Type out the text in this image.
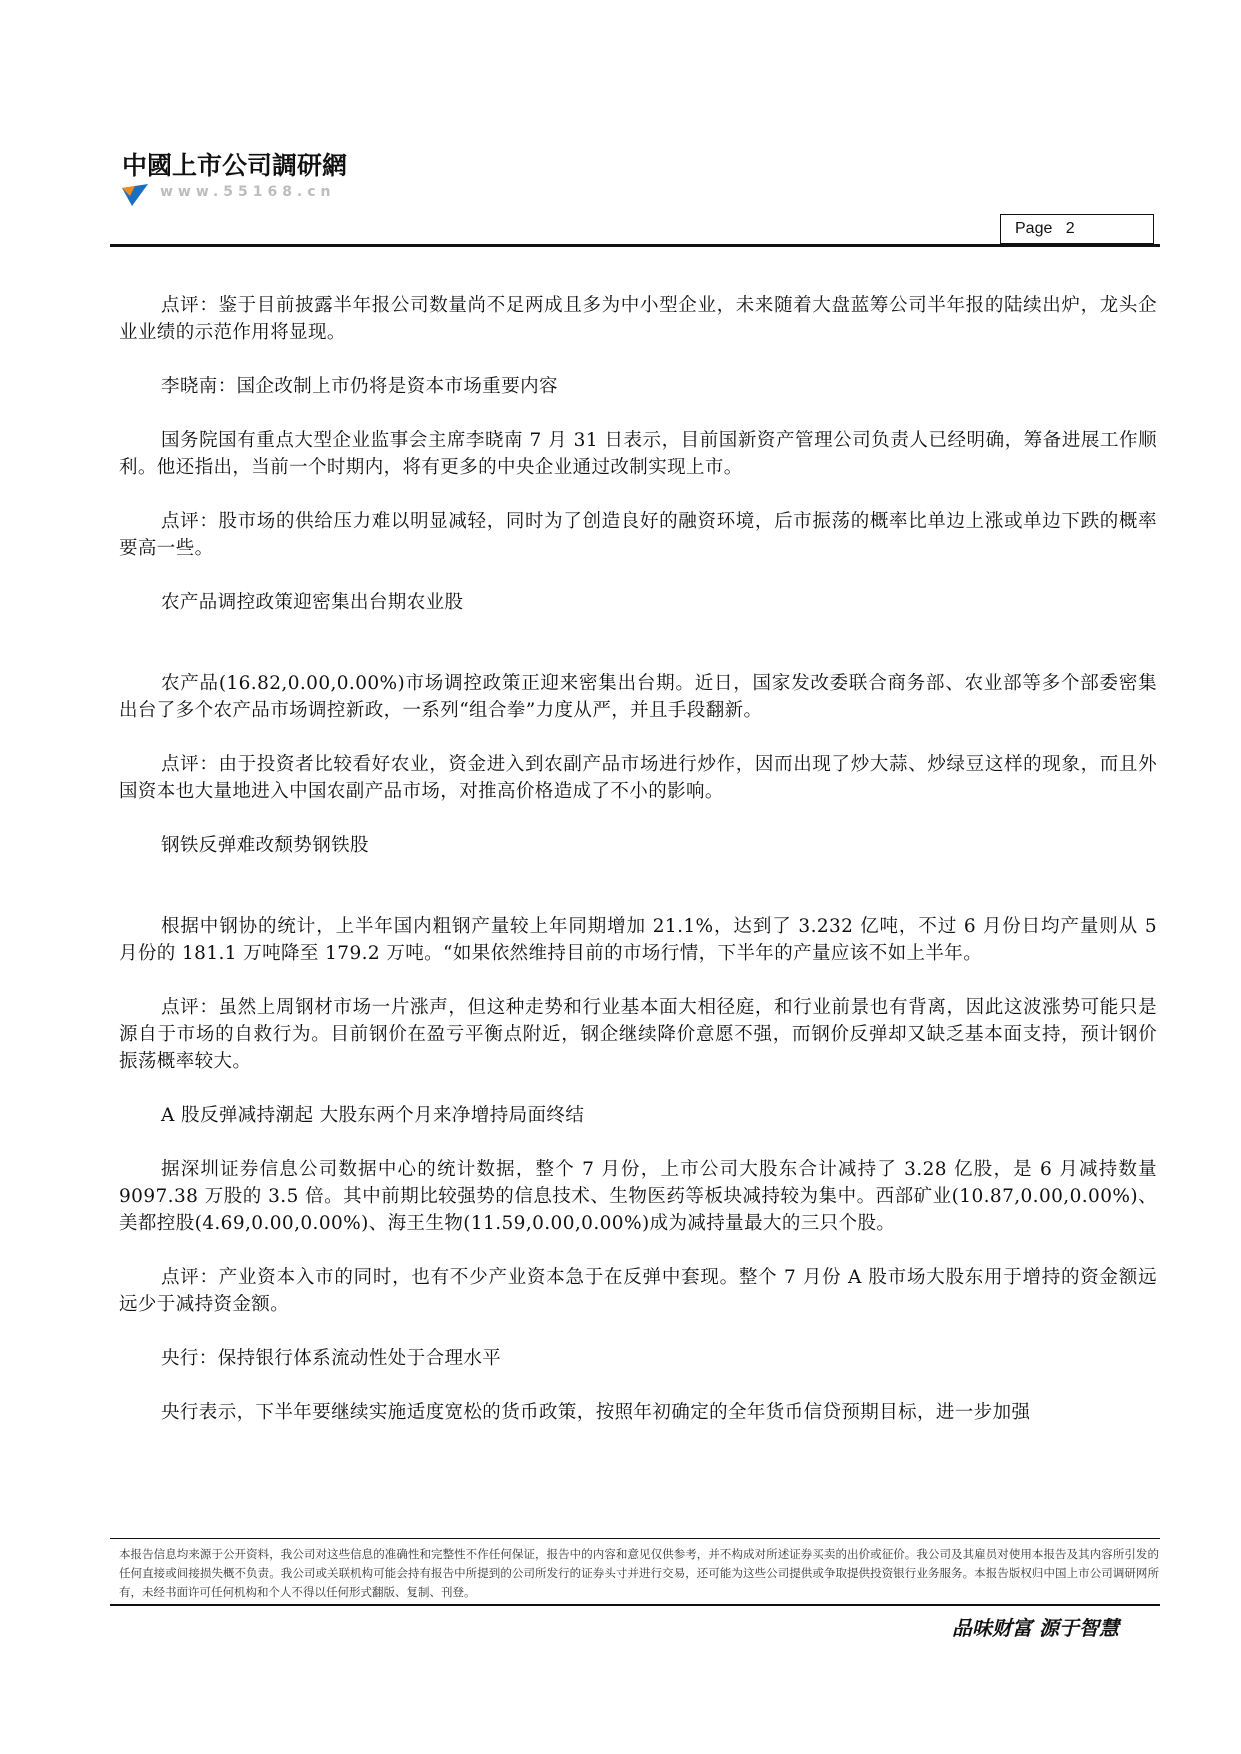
中國上市公司調研網
www.55168.cn
Page 2

点评：鉴于目前披露半年报公司数量尚不足两成且多为中小型企业，未来随着大盘蓝筹公司半年报的陆续出炉，龙头企业业绩的示范作用将显现。

李晓南：国企改制上市仍将是资本市场重要内容

国务院国有重点大型企业监事会主席李晓南 7 月 31 日表示，目前国新资产管理公司负责人已经明确，筹备进展工作顺利。他还指出，当前一个时期内，将有更多的中央企业通过改制实现上市。

点评：股市场的供给压力难以明显减轻，同时为了创造良好的融资环境，后市振荡的概率比单边上涨或单边下跌的概率要高一些。

农产品调控政策迎密集出台期农业股

农产品(16.82,0.00,0.00%)市场调控政策正迎来密集出台期。近日，国家发改委联合商务部、农业部等多个部委密集出台了多个农产品市场调控新政，一系列“组合拳”力度从严，并且手段翻新。

点评：由于投资者比较看好农业，资金进入到农副产品市场进行炒作，因而出现了炒大蒜、炒绿豆这样的现象，而且外国资本也大量地进入中国农副产品市场，对推高价格造成了不小的影响。

钢铁反弹难改颓势钢铁股

根据中钢协的统计，上半年国内粗钢产量较上年同期增加 21.1%，达到了 3.232 亿吨，不过 6 月份日均产量则从 5 月份的 181.1 万吨降至 179.2 万吨。“如果依然维持目前的市场行情，下半年的产量应该不如上半年。

点评：虽然上周钢材市场一片涨声，但这种走势和行业基本面大相径庭，和行业前景也有背离，因此这波涨势可能只是源自于市场的自救行为。目前钢价在盈亏平衡点附近，钢企继续降价意愿不强，而钢价反弹却又缺乏基本面支持，预计钢价振荡概率较大。

A 股反弹减持潮起 大股东两个月来净增持局面终结

据深圳证券信息公司数据中心的统计数据，整个 7 月份，上市公司大股东合计减持了 3.28 亿股，是 6 月减持数量 9097.38 万股的 3.5 倍。其中前期比较强势的信息技术、生物医药等板块减持较为集中。西部矿业(10.87,0.00,0.00%)、美都控股(4.69,0.00,0.00%)、海王生物(11.59,0.00,0.00%)成为减持量最大的三只个股。

点评：产业资本入市的同时，也有不少产业资本急于在反弹中套现。整个 7 月份 A 股市场大股东用于增持的资金额远远少于减持资金额。

央行：保持银行体系流动性处于合理水平

央行表示，下半年要继续实施适度宽松的货币政策，按照年初确定的全年货币信贷预期目标，进一步加强

本报告信息均来源于公开资料，我公司对这些信息的准确性和完整性不作任何保证，报告中的内容和意见仅供参考，并不构成对所述证券买卖的出价或征价。我公司及其雇员对使用本报告及其内容所引发的任何直接或间接损失概不负责。我公司或关联机构可能会持有报告中所提到的公司所发行的证券头寸并进行交易，还可能为这些公司提供或争取提供投资银行业务服务。本报告版权归中国上市公司调研网所有，未经书面许可任何机构和个人不得以任何形式翻版、复制、刊登。
品味财富 源于智慧
